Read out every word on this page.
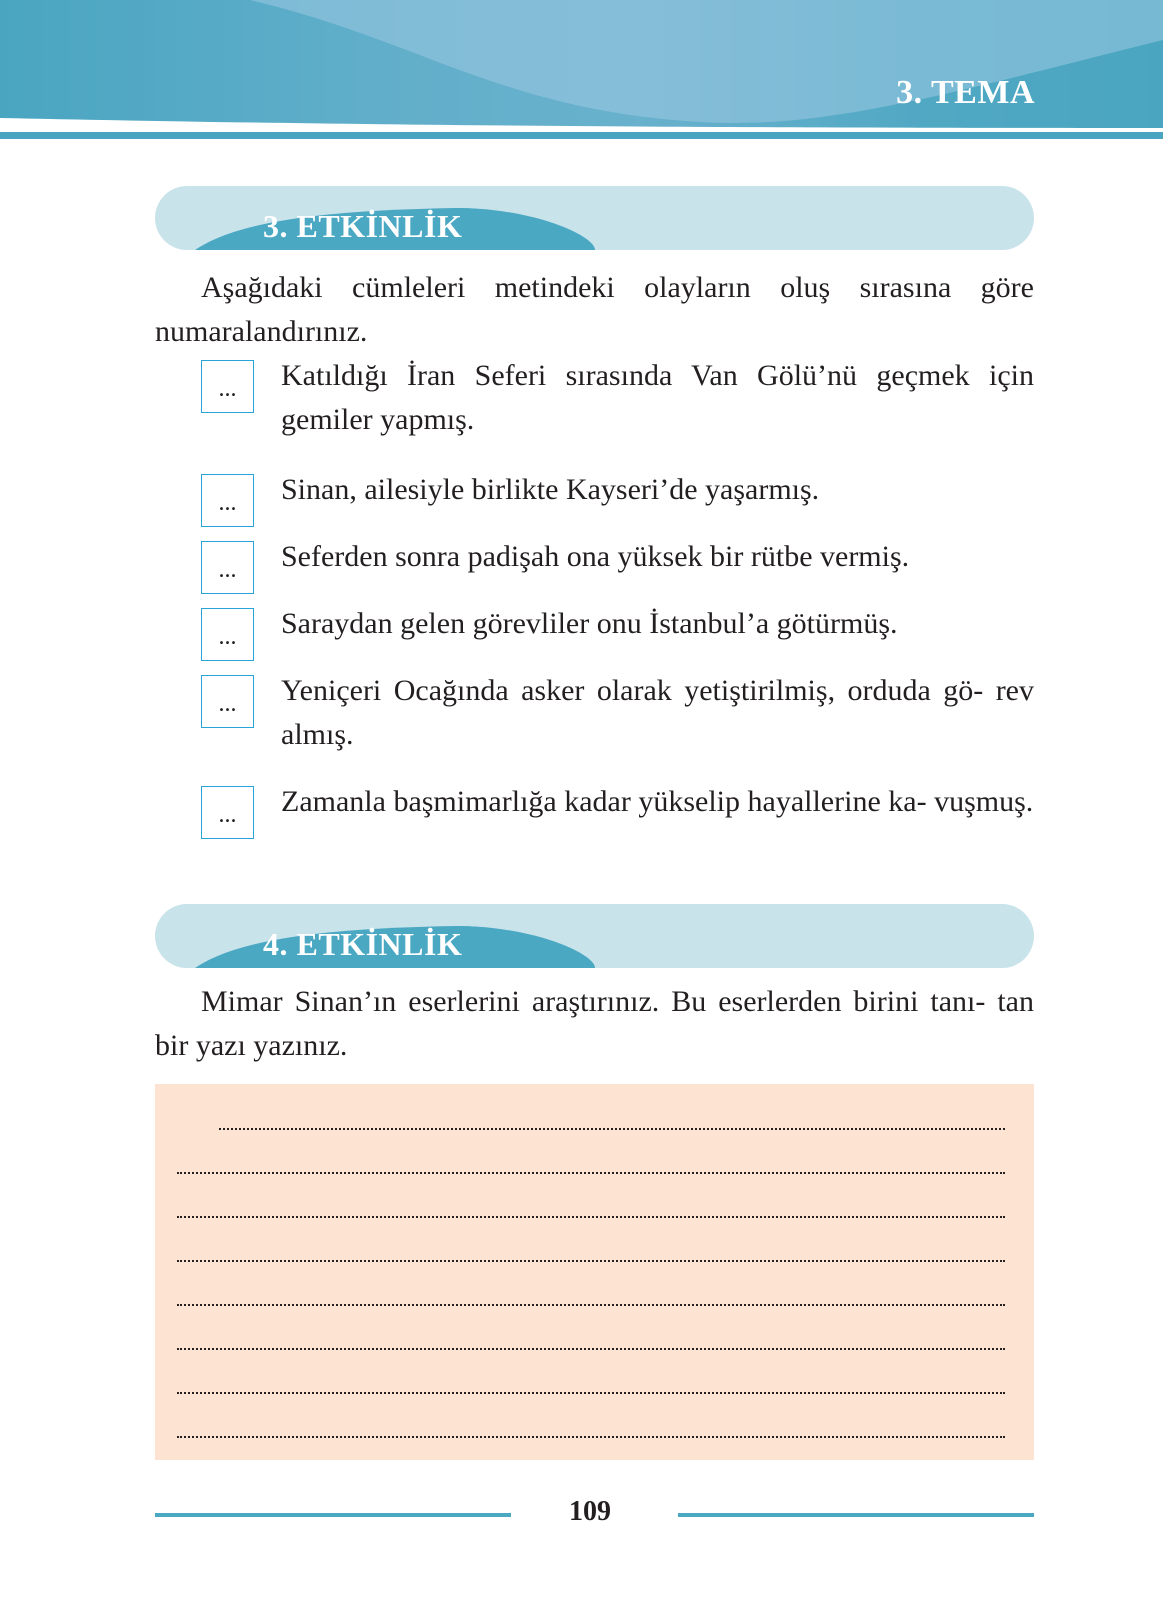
3. TEMA
3. ETKİNLİK
Aşağıdaki cümleleri metindeki olayların oluş sırasına göre numaralandırınız.
...	Katıldığı İran Seferi sırasında Van Gölü’nü geçmek için gemiler yapmış.
...	Sinan, ailesiyle birlikte Kayseri’de yaşarmış.
...	Seferden sonra padişah ona yüksek bir rütbe vermiş.
...	Saraydan gelen görevliler onu İstanbul’a götürmüş.
...	Yeniçeri Ocağında asker olarak yetiştirilmiş, orduda gö- rev almış.
...	Zamanla başmimarlığa kadar yükselip hayallerine ka- vuşmuş.
4. ETKİNLİK
Mimar Sinan’ın eserlerini araştırınız. Bu eserlerden birini tanı- tan bir yazı yazınız.
109
